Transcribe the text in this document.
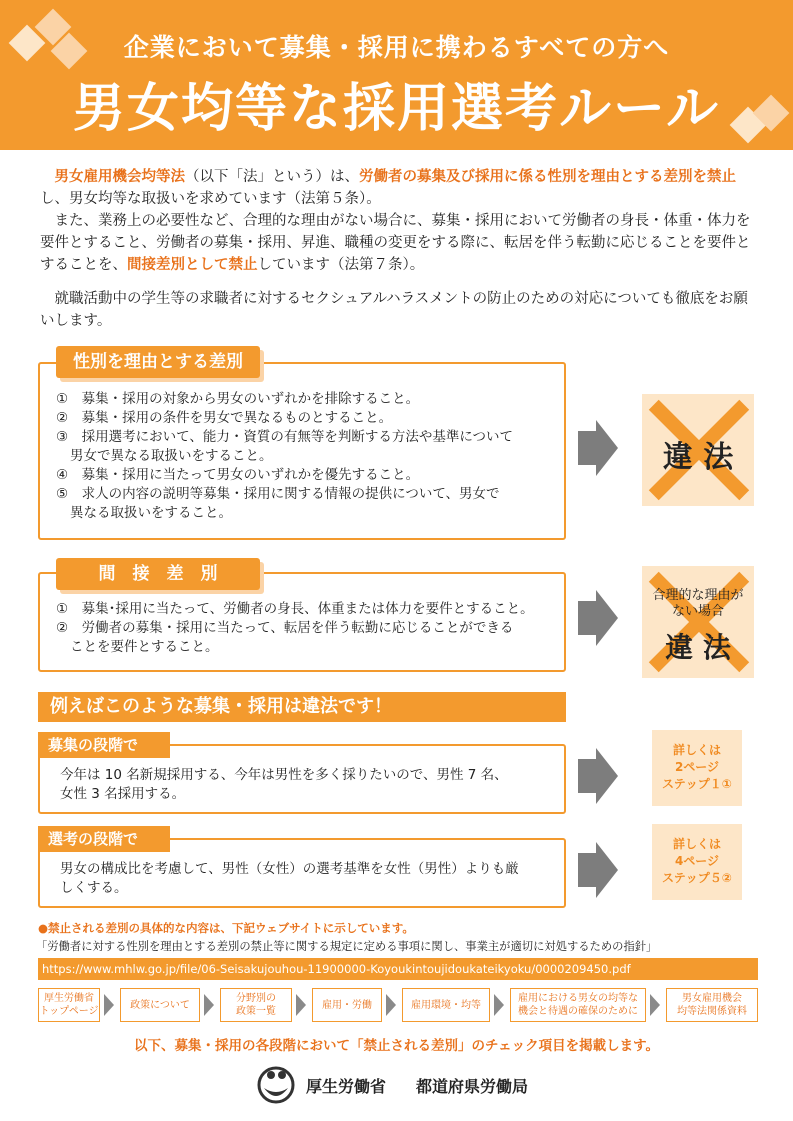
企業において募集・採用に携わるすべての方へ
男女均等な採用選考ルール
男女雇用機会均等法（以下「法」という）は、労働者の募集及び採用に係る性別を理由とする差別を禁止し、男女均等な取扱いを求めています（法第５条）。
また、業務上の必要性など、合理的な理由がない場合に、募集・採用において労働者の身長・体重・体力を要件とすること、労働者の募集・採用、昇進、職種の変更をする際に、転居を伴う転勤に応じることを要件とすることを、間接差別として禁止しています（法第７条）。
就職活動中の学生等の求職者に対するセクシュアルハラスメントの防止のための対応についても徹底をお願いします。
①　募集・採用の対象から男女のいずれかを排除すること。
②　募集・採用の条件を男女で異なるものとすること。
③　採用選考において、能力・資質の有無等を判断する方法や基準について
男女で異なる取扱いをすること。
④　募集・採用に当たって男女のいずれかを優先すること。
⑤　求人の内容の説明等募集・採用に関する情報の提供について、男女で
異なる取扱いをすること。
性別を理由とする差別
違 法
①　募集･採用に当たって、労働者の身長、体重または体力を要件とすること。
②　労働者の募集・採用に当たって、転居を伴う転勤に応じることができる
ことを要件とすること。
間　接　差　別
合理的な理由が
ない場合
違 法
例えばこのような募集・採用は違法です！
今年は 10 名新規採用する、今年は男性を多く採りたいので、男性 7 名、
女性 3 名採用する。
募集の段階で	詳しくは
2ページ
ステップ１①
男女の構成比を考慮して、男性（女性）の選考基準を女性（男性）よりも厳
しくする。
選考の段階で	詳しくは
4ページ
ステップ５②
●禁止される差別の具体的な内容は、下記ウェブサイトに示しています。
「労働者に対する性別を理由とする差別の禁止等に関する規定に定める事項に関し、事業主が適切に対処するための指針」
https://www.mhlw.go.jp/file/06-Seisakujouhou-11900000-Koyoukintoujidoukateikyoku/0000209450.pdf
厚生労働省
トップページ
政策について
分野別の
政策一覧
雇用・労働	雇用環境・均等
雇用における男女の均等な
機会と待遇の確保のために
男女雇用機会
均等法関係資料
以下、募集・採用の各段階において「禁止される差別」のチェック項目を掲載します。
厚生労働省 都道府県労働局
